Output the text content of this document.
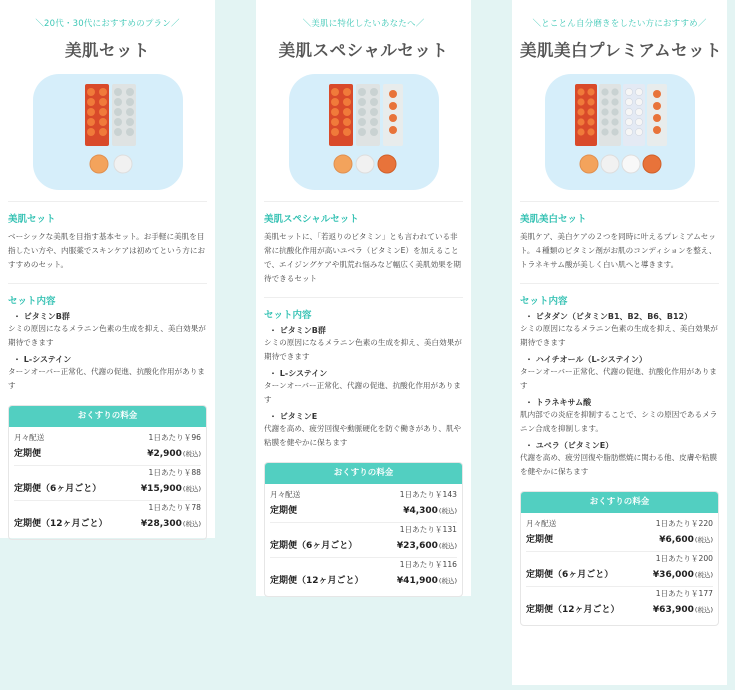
＼20代・30代におすすめのプラン／
美肌セット
美肌セット
ベーシックな美肌を目指す基本セット。お手軽に美肌を目指したい方や、内服薬でスキンケアは初めてという方におすすめのセット。
セット内容
・ ビタミンB群
シミの原因になるメラニン色素の生成を抑え、美白効果が期待できます
・ L-システイン
ターンオーバー正常化、代謝の促進、抗酸化作用があります
おくすりの料金
月々配送	1日あたり￥96
定期便	¥2,900(税込)
1日あたり￥88
定期便（6ヶ月ごと）	¥15,900(税込)
1日あたり￥78
定期便（12ヶ月ごと）	¥28,300(税込)
＼美肌に特化したいあなたへ／
美肌スペシャルセット
美肌スペシャルセット
美肌セットに、「若返りのビタミン」とも言われている非常に抗酸化作用が高いユベラ（ビタミンE）を加えることで、エイジングケアや肌荒れ悩みなど幅広く美肌効果を期待できるセット
セット内容
・ ビタミンB群
シミの原因になるメラニン色素の生成を抑え、美白効果が期待できます
・ L-システイン
ターンオーバー正常化、代謝の促進、抗酸化作用があります
・ ビタミンE
代謝を高め、疲労回復や動脈硬化を防ぐ働きがあり、肌や粘膜を健やかに保ちます
おくすりの料金
月々配送	1日あたり￥143
定期便	¥4,300(税込)
1日あたり￥131
定期便（6ヶ月ごと）	¥23,600(税込)
1日あたり￥116
定期便（12ヶ月ごと）	¥41,900(税込)
＼とことん自分磨きをしたい方におすすめ／
美肌美白プレミアムセット
美肌美白セット
美肌ケア、美白ケアの２つを同時に叶えるプレミアムセット。４種類のビタミン剤がお肌のコンディションを整え、トラネキサム酸が美しく白い肌へと導きます。
セット内容
・ ビタダン（ビタミンB1、B2、B6、B12）
シミの原因になるメラニン色素の生成を抑え、美白効果が期待できます
・ ハイチオール（L-システイン）
ターンオーバー正常化、代謝の促進、抗酸化作用があります
・ トラネキサム酸
肌内部での炎症を抑制することで、シミの原因であるメラニン合成を抑制します。
・ ユベラ（ビタミンE）
代謝を高め、疲労回復や脂肪燃焼に関わる他、皮膚や粘膜を健やかに保ちます
おくすりの料金
月々配送	1日あたり￥220
定期便	¥6,600(税込)
1日あたり￥200
定期便（6ヶ月ごと）	¥36,000(税込)
1日あたり￥177
定期便（12ヶ月ごと）	¥63,900(税込)
